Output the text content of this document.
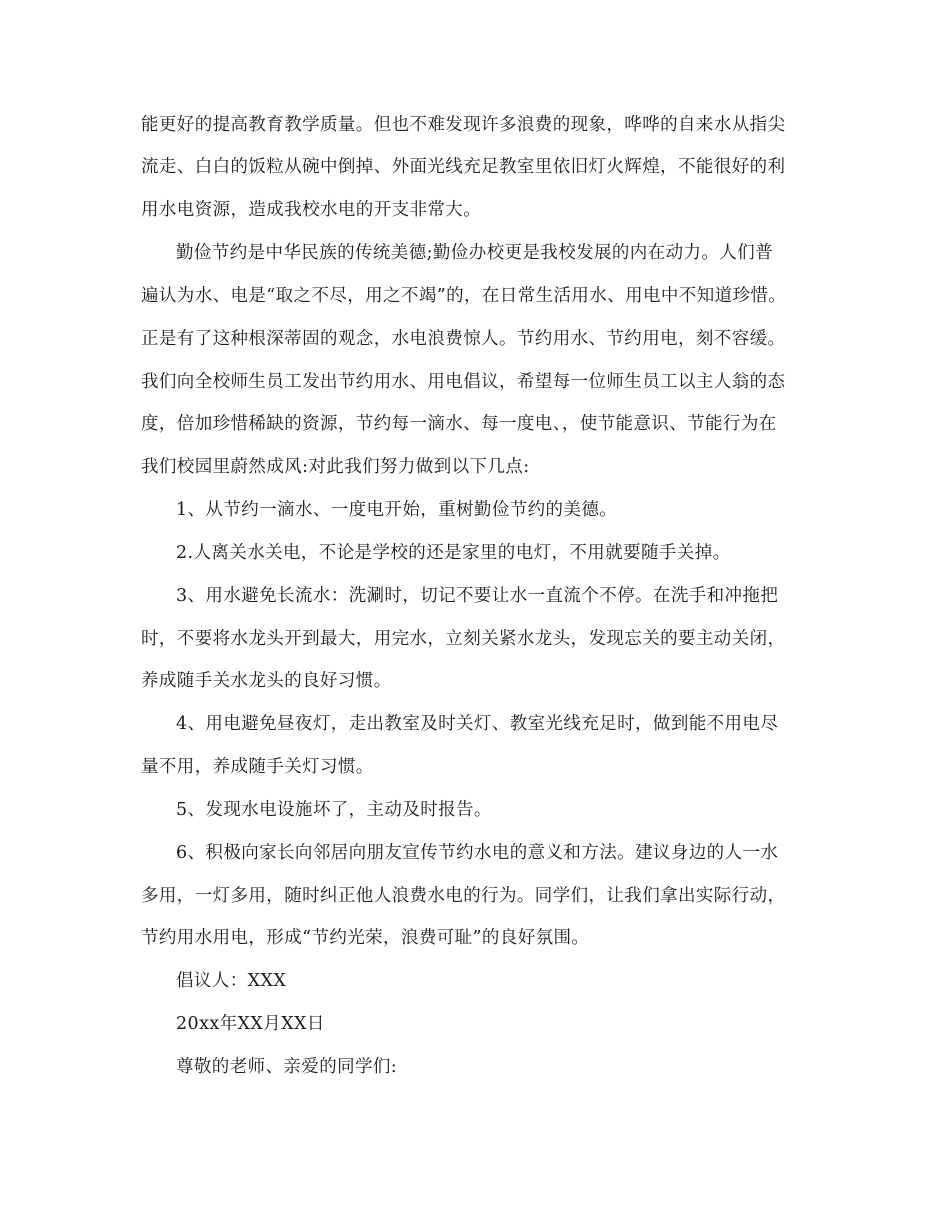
能更好的提高教育教学质量。但也不难发现许多浪费的现象，哗哗的自来水从指尖
流走、白白的饭粒从碗中倒掉、外面光线充足教室里依旧灯火辉煌，不能很好的利
用水电资源，造成我校水电的开支非常大。
勤俭节约是中华民族的传统美德;勤俭办校更是我校发展的内在动力。人们普
遍认为水、电是“取之不尽，用之不竭”的，在日常生活用水、用电中不知道珍惜。
正是有了这种根深蒂固的观念，水电浪费惊人。节约用水、节约用电，刻不容缓。
我们向全校师生员工发出节约用水、用电倡议，希望每一位师生员工以主人翁的态
度，倍加珍惜稀缺的资源，节约每一滴水、每一度电、，使节能意识、节能行为在
我们校园里蔚然成风:对此我们努力做到以下几点:
1、从节约一滴水、一度电开始，重树勤俭节约的美德。
2.人离关水关电，不论是学校的还是家里的电灯，不用就要随手关掉。
3、用水避免长流水：洗涮时，切记不要让水一直流个不停。在洗手和冲拖把
时，不要将水龙头开到最大，用完水，立刻关紧水龙头，发现忘关的要主动关闭，
养成随手关水龙头的良好习惯。
4、用电避免昼夜灯，走出教室及时关灯、教室光线充足时，做到能不用电尽
量不用，养成随手关灯习惯。
5、发现水电设施坏了，主动及时报告。
6、积极向家长向邻居向朋友宣传节约水电的意义和方法。建议身边的人一水
多用，一灯多用，随时纠正他人浪费水电的行为。同学们，让我们拿出实际行动，
节约用水用电，形成“节约光荣，浪费可耻”的良好氛围。
倡议人：XXX
20xx年XX月XX日
尊敬的老师、亲爱的同学们:
